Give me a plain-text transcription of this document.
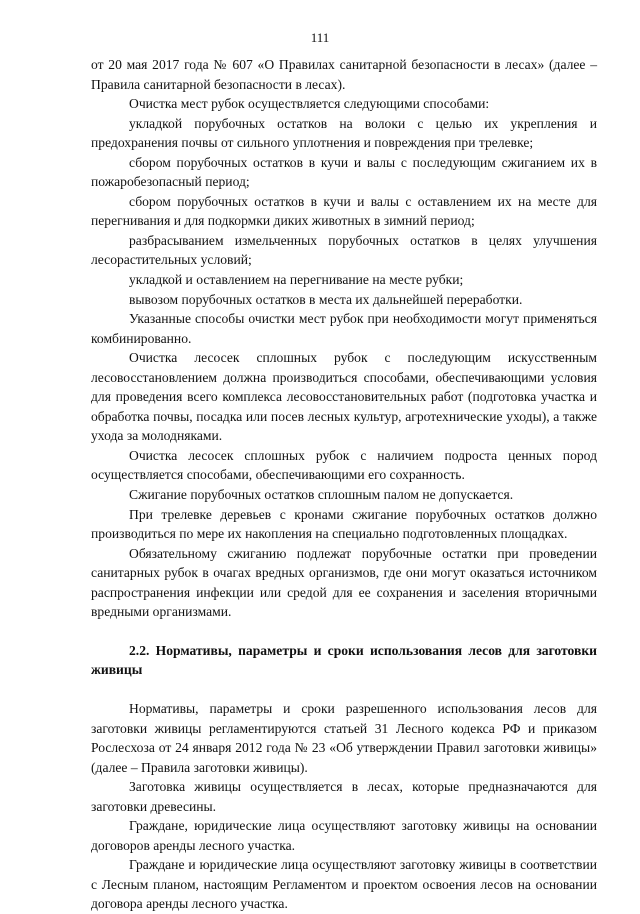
111

от 20 мая 2017 года № 607 «О Правилах санитарной безопасности в лесах» (далее – Правила санитарной безопасности в лесах).

Очистка мест рубок осуществляется следующими способами:

укладкой порубочных остатков на волоки с целью их укрепления и предохранения почвы от сильного уплотнения и повреждения при трелевке;

сбором порубочных остатков в кучи и валы с последующим сжиганием их в пожаробезопасный период;

сбором порубочных остатков в кучи и валы с оставлением их на месте для перегнивания и для подкормки диких животных в зимний период;

разбрасыванием измельченных порубочных остатков в целях улучшения лесорастительных условий;

укладкой и оставлением на перегнивание на месте рубки;

вывозом порубочных остатков в места их дальнейшей переработки.

Указанные способы очистки мест рубок при необходимости могут применяться комбинированно.

Очистка лесосек сплошных рубок с последующим искусственным лесовосстановлением должна производиться способами, обеспечивающими условия для проведения всего комплекса лесовосстановительных работ (подготовка участка и обработка почвы, посадка или посев лесных культур, агротехнические уходы), а также ухода за молодняками.

Очистка лесосек сплошных рубок с наличием подроста ценных пород осуществляется способами, обеспечивающими его сохранность.

Сжигание порубочных остатков сплошным палом не допускается.

При трелевке деревьев с кронами сжигание порубочных остатков должно производиться по мере их накопления на специально подготовленных площадках.

Обязательному сжиганию подлежат порубочные остатки при проведении санитарных рубок в очагах вредных организмов, где они могут оказаться источником распространения инфекции или средой для ее сохранения и заселения вторичными вредными организмами.

2.2. Нормативы, параметры и сроки использования лесов для заготовки живицы

Нормативы, параметры и сроки разрешенного использования лесов для заготовки живицы регламентируются статьей 31 Лесного кодекса РФ и приказом Рослесхоза от 24 января 2012 года № 23 «Об утверждении Правил заготовки живицы» (далее – Правила заготовки живицы).

Заготовка живицы осуществляется в лесах, которые предназначаются для заготовки древесины.

Граждане, юридические лица осуществляют заготовку живицы на основании договоров аренды лесного участка.

Граждане и юридические лица осуществляют заготовку живицы в соответствии с Лесным планом, настоящим Регламентом и проектом освоения лесов на основании договора аренды лесного участка.
